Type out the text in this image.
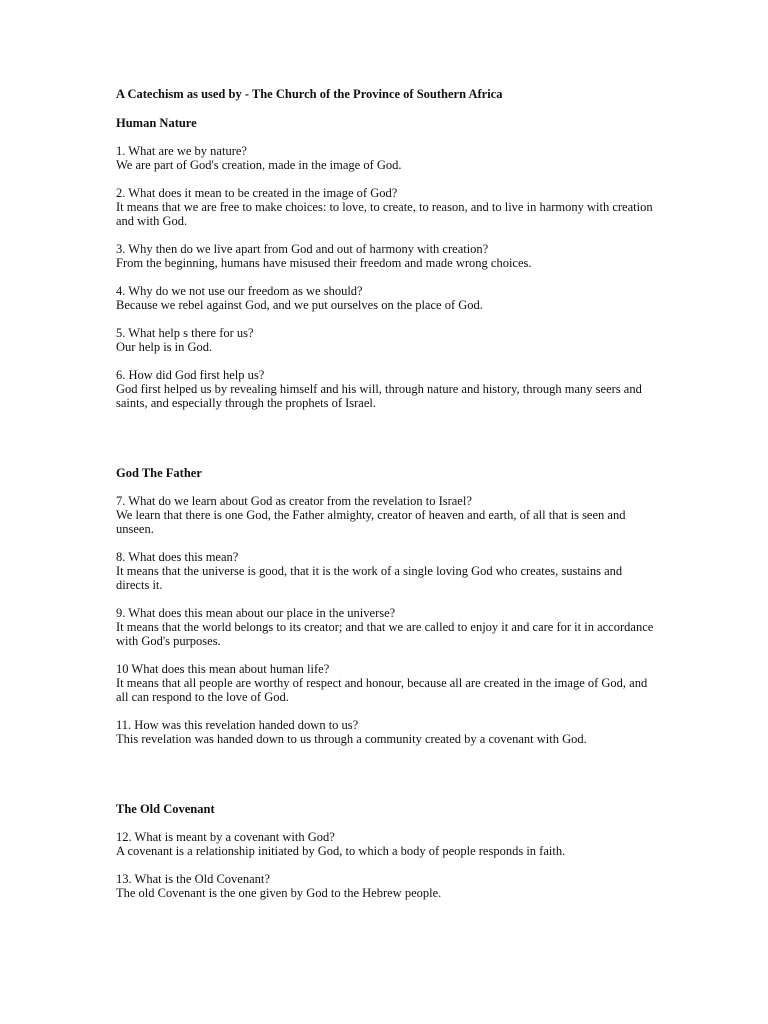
A Catechism as used by - The Church of the Province of Southern Africa
Human Nature

1. What are we by nature?

We are part of God's creation, made in the image of God.

2. What does it mean to be created in the image of God?

It means that we are free to make choices: to love, to create, to reason, and to live in harmony with creation and with God.

3. Why then do we live apart from God and out of harmony with creation?

From the beginning, humans have misused their freedom and made wrong choices.

4. Why do we not use our freedom as we should?

Because we rebel against God, and we put ourselves on the place of God.

5. What help s there for us?

Our help is in God.

6. How did God first help us?

God first helped us by revealing himself and his will, through nature and history, through many seers and saints, and especially through the prophets of Israel.

God The Father

7. What do we learn about God as creator from the revelation to Israel?

We learn that there is one God, the Father almighty, creator of heaven and earth, of all that is seen and unseen.

8. What does this mean?

It means that the universe is good, that it is the work of a single loving God who creates, sustains and directs it.

9. What does this mean about our place in the universe?

It means that the world belongs to its creator; and that we are called to enjoy it and care for it in accordance with God's purposes.

10 What does this mean about human life?

It means that all people are worthy of respect and honour, because all are created in the image of God, and all can respond to the love of God.

11. How was this revelation handed down to us?

This revelation was handed down to us through a community created by a covenant with God.

The Old Covenant

12. What is meant by a covenant with God?

A covenant is a relationship initiated by God, to which a body of people responds in faith.

13. What is the Old Covenant?

The old Covenant is the one given by God to the Hebrew people.
